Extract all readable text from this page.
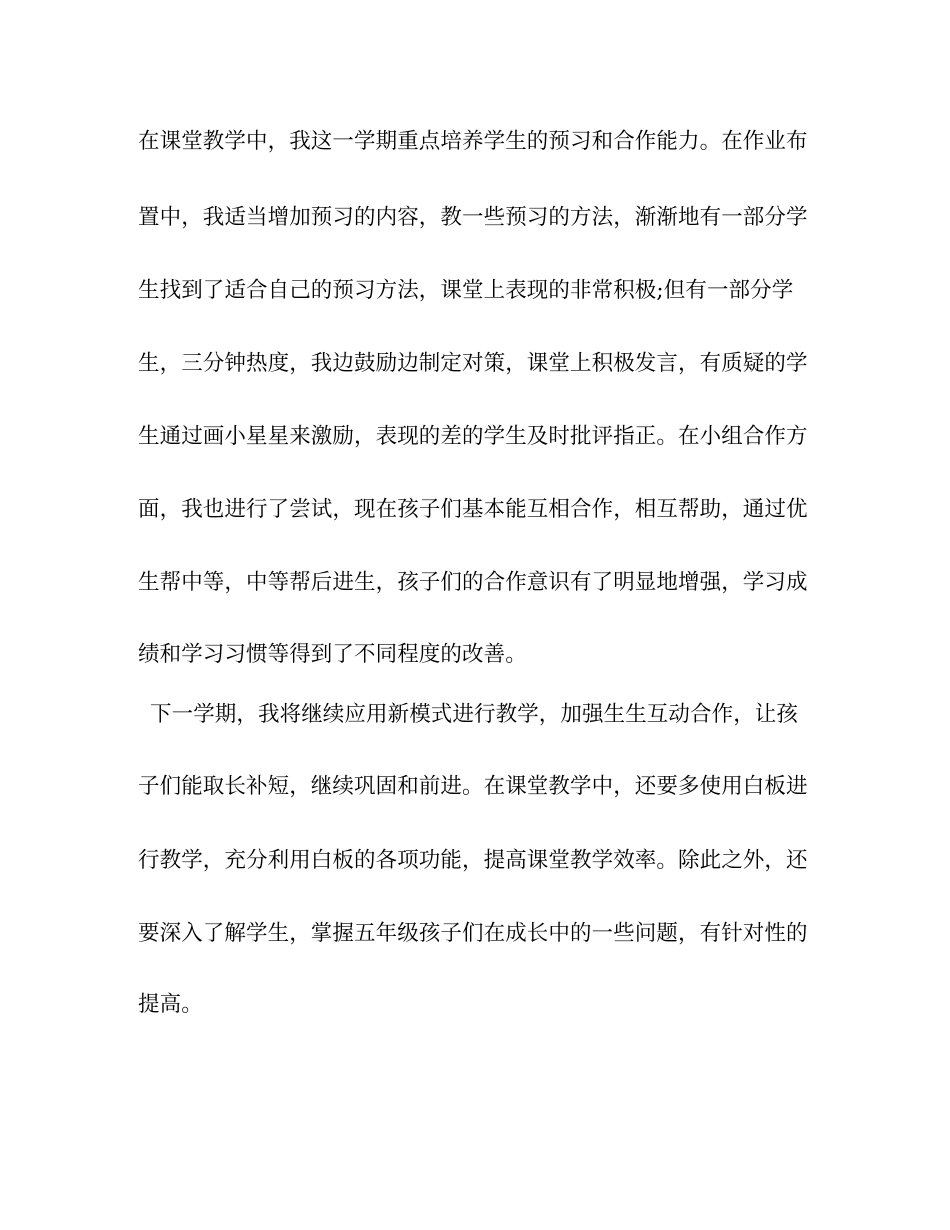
在课堂教学中，我这一学期重点培养学生的预习和合作能力。在作业布
置中，我适当增加预习的内容，教一些预习的方法，渐渐地有一部分学
生找到了适合自己的预习方法，课堂上表现的非常积极;但有一部分学
生，三分钟热度，我边鼓励边制定对策，课堂上积极发言，有质疑的学
生通过画小星星来激励，表现的差的学生及时批评指正。在小组合作方
面，我也进行了尝试，现在孩子们基本能互相合作，相互帮助，通过优
生帮中等，中等帮后进生，孩子们的合作意识有了明显地增强，学习成
绩和学习习惯等得到了不同程度的改善。
下一学期，我将继续应用新模式进行教学，加强生生互动合作，让孩
子们能取长补短，继续巩固和前进。在课堂教学中，还要多使用白板进
行教学，充分利用白板的各项功能，提高课堂教学效率。除此之外，还
要深入了解学生，掌握五年级孩子们在成长中的一些问题，有针对性的
提高。
